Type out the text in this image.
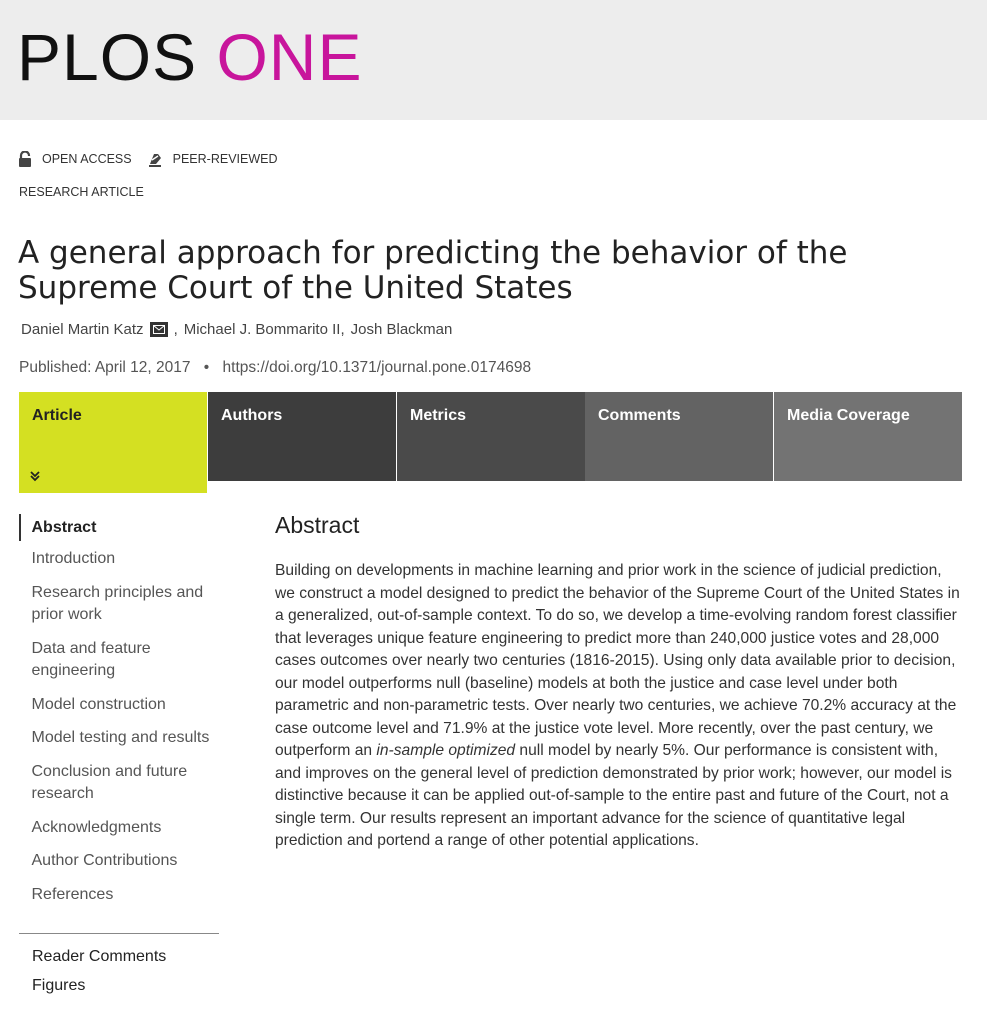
PLOS ONE
OPEN ACCESS	PEER-REVIEWED
RESEARCH ARTICLE
A general approach for predicting the behavior of the Supreme Court of the United States
Daniel Martin Katz , Michael J. Bommarito II , Josh Blackman
Published: April 12, 2017 • https://doi.org/10.1371/journal.pone.0174698
Article	Authors	Metrics	Comments	Media Coverage
Abstract
Introduction
Research principles and prior work
Data and feature engineering
Model construction
Model testing and results
Conclusion and future research
Acknowledgments
Author Contributions
References
Reader Comments
Figures
Abstract

Building on developments in machine learning and prior work in the science of judicial prediction, we construct a model designed to predict the behavior of the Supreme Court of the United States in a generalized, out-of-sample context. To do so, we develop a time-evolving random forest classifier that leverages unique feature engineering to predict more than 240,000 justice votes and 28,000 cases outcomes over nearly two centuries (1816-2015). Using only data available prior to decision, our model outperforms null (baseline) models at both the justice and case level under both parametric and non-parametric tests. Over nearly two centuries, we achieve 70.2% accuracy at the case outcome level and 71.9% at the justice vote level. More recently, over the past century, we outperform an in-sample optimized null model by nearly 5%. Our performance is consistent with, and improves on the general level of prediction demonstrated by prior work; however, our model is distinctive because it can be applied out-of-sample to the entire past and future of the Court, not a single term. Our results represent an important advance for the science of quantitative legal prediction and portend a range of other potential applications.
